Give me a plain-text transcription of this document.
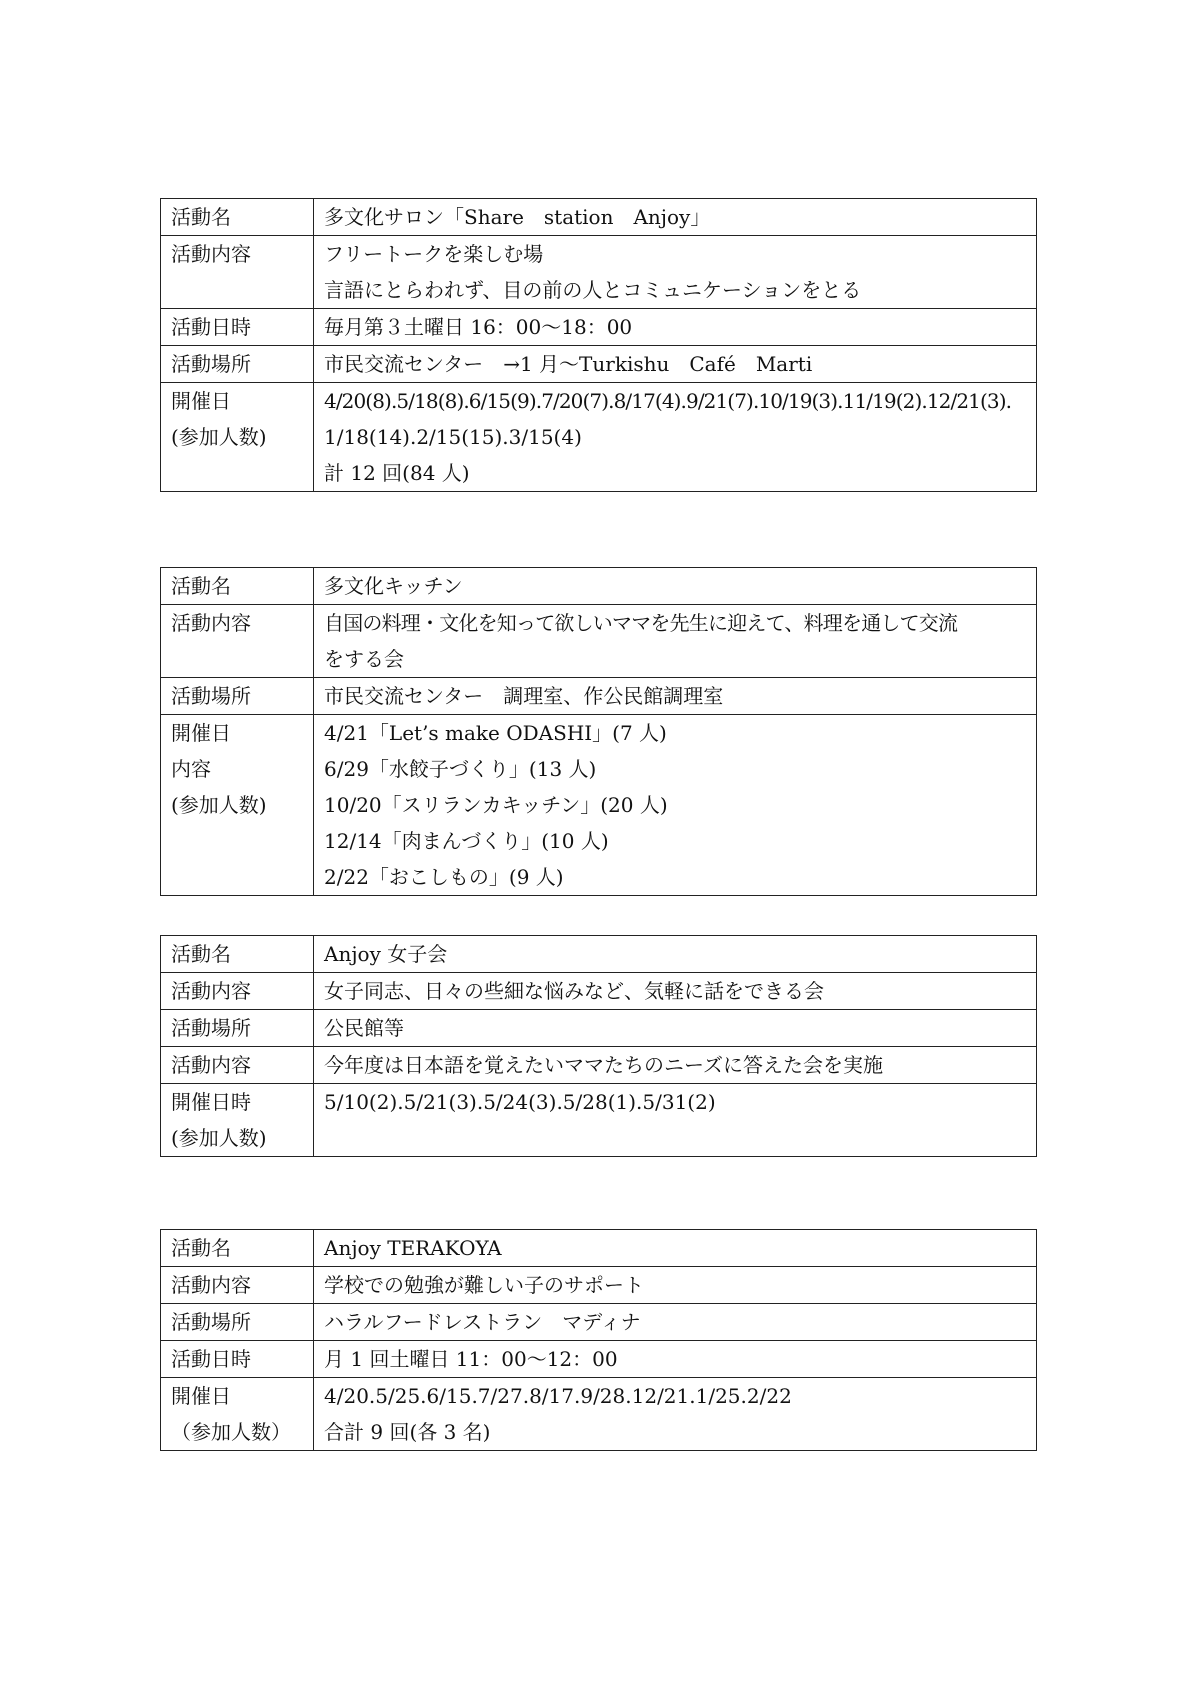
活動名	多文化サロン「Share　station　Anjoy」

活動内容	フリートークを楽しむ場
言語にとらわれず、目の前の人とコミュニケーションをとる

活動日時	毎月第３土曜日 16：00〜18：00

活動場所	市民交流センター　→1 月〜Turkishu　Café　Marti

開催日
(参加人数)	4/20(8).5/18(8).6/15(9).7/20(7).8/17(4).9/21(7).10/19(3).11/19(2).12/21(3).
1/18(14).2/15(15).3/15(4)
計 12 回(84 人)
活動名	多文化キッチン

活動内容	自国の料理・文化を知って欲しいママを先生に迎えて、料理を通して交流
をする会

活動場所	市民交流センター　調理室、作公民館調理室

開催日
内容
(参加人数)	4/21「Let’s make ODASHI」(7 人)
6/29「水餃子づくり」(13 人)
10/20「スリランカキッチン」(20 人)
12/14「肉まんづくり」(10 人)
2/22「おこしもの」(9 人)
活動名	Anjoy 女子会

活動内容	女子同志、日々の些細な悩みなど、気軽に話をできる会

活動場所	公民館等

活動内容	今年度は日本語を覚えたいママたちのニーズに答えた会を実施

開催日時
(参加人数)	5/10(2).5/21(3).5/24(3).5/28(1).5/31(2)
活動名	Anjoy TERAKOYA

活動内容	学校での勉強が難しい子のサポート

活動場所	ハラルフードレストラン　マディナ

活動日時	月 1 回土曜日 11：00〜12：00

開催日
（参加人数）	4/20.5/25.6/15.7/27.8/17.9/28.12/21.1/25.2/22
合計 9 回(各 3 名)
